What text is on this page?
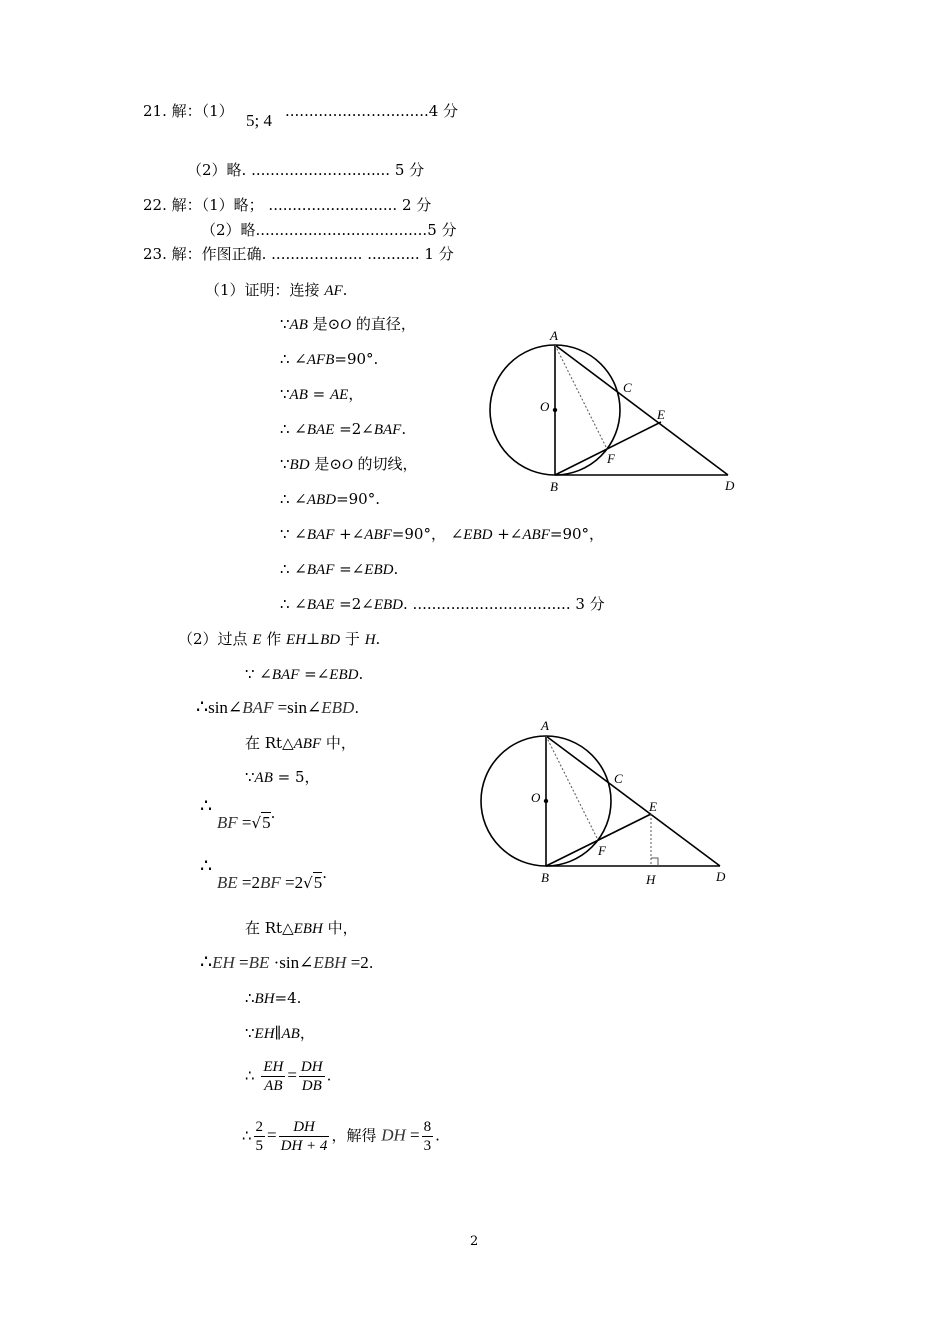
21. 解：（1） 5; 4 .................…..........4 分
（2）略. .................…......... 5 分
22. 解：（1）略； ........................... 2 分
（2）略....................................5 分
23. 解：作图正确. ..........…...... ........... 1 分
（1）证明：连接 AF.
∵AB 是⊙O 的直径，
∴ ∠AFB=90°.
∵AB = AE，
∴ ∠BAE =2∠BAF.
∵BD 是⊙O 的切线，
∴ ∠ABD=90°.
∵ ∠BAF +∠ABF=90°， ∠EBD +∠ABF=90°，
∴ ∠BAF =∠EBD.
∴ ∠BAE =2∠EBD. .....................…......... 3 分
（2）过点 E 作 EH⊥BD 于 H.
∵ ∠BAF =∠EBD.
∴sin∠BAF =sin∠EBD.
在 Rt△ABF 中，
∵AB = 5，
∴ BF =√5.
∴ BE =2BF =2√5.
在 Rt△EBH 中，
∴EH =BE ·sin∠EBH =2.
∴BH=4.
∵EH∥AB，
∴ $\frac{EH}{AB} = \frac{DH}{DB}$ .
∴ $\frac{2}{5} = \frac{DH}{DH + 4}$ ，解得 DH = $\frac{8}{3}$ .
A
O
C
E
F
B	D
A
O
C
E
F
B	H	D
2
